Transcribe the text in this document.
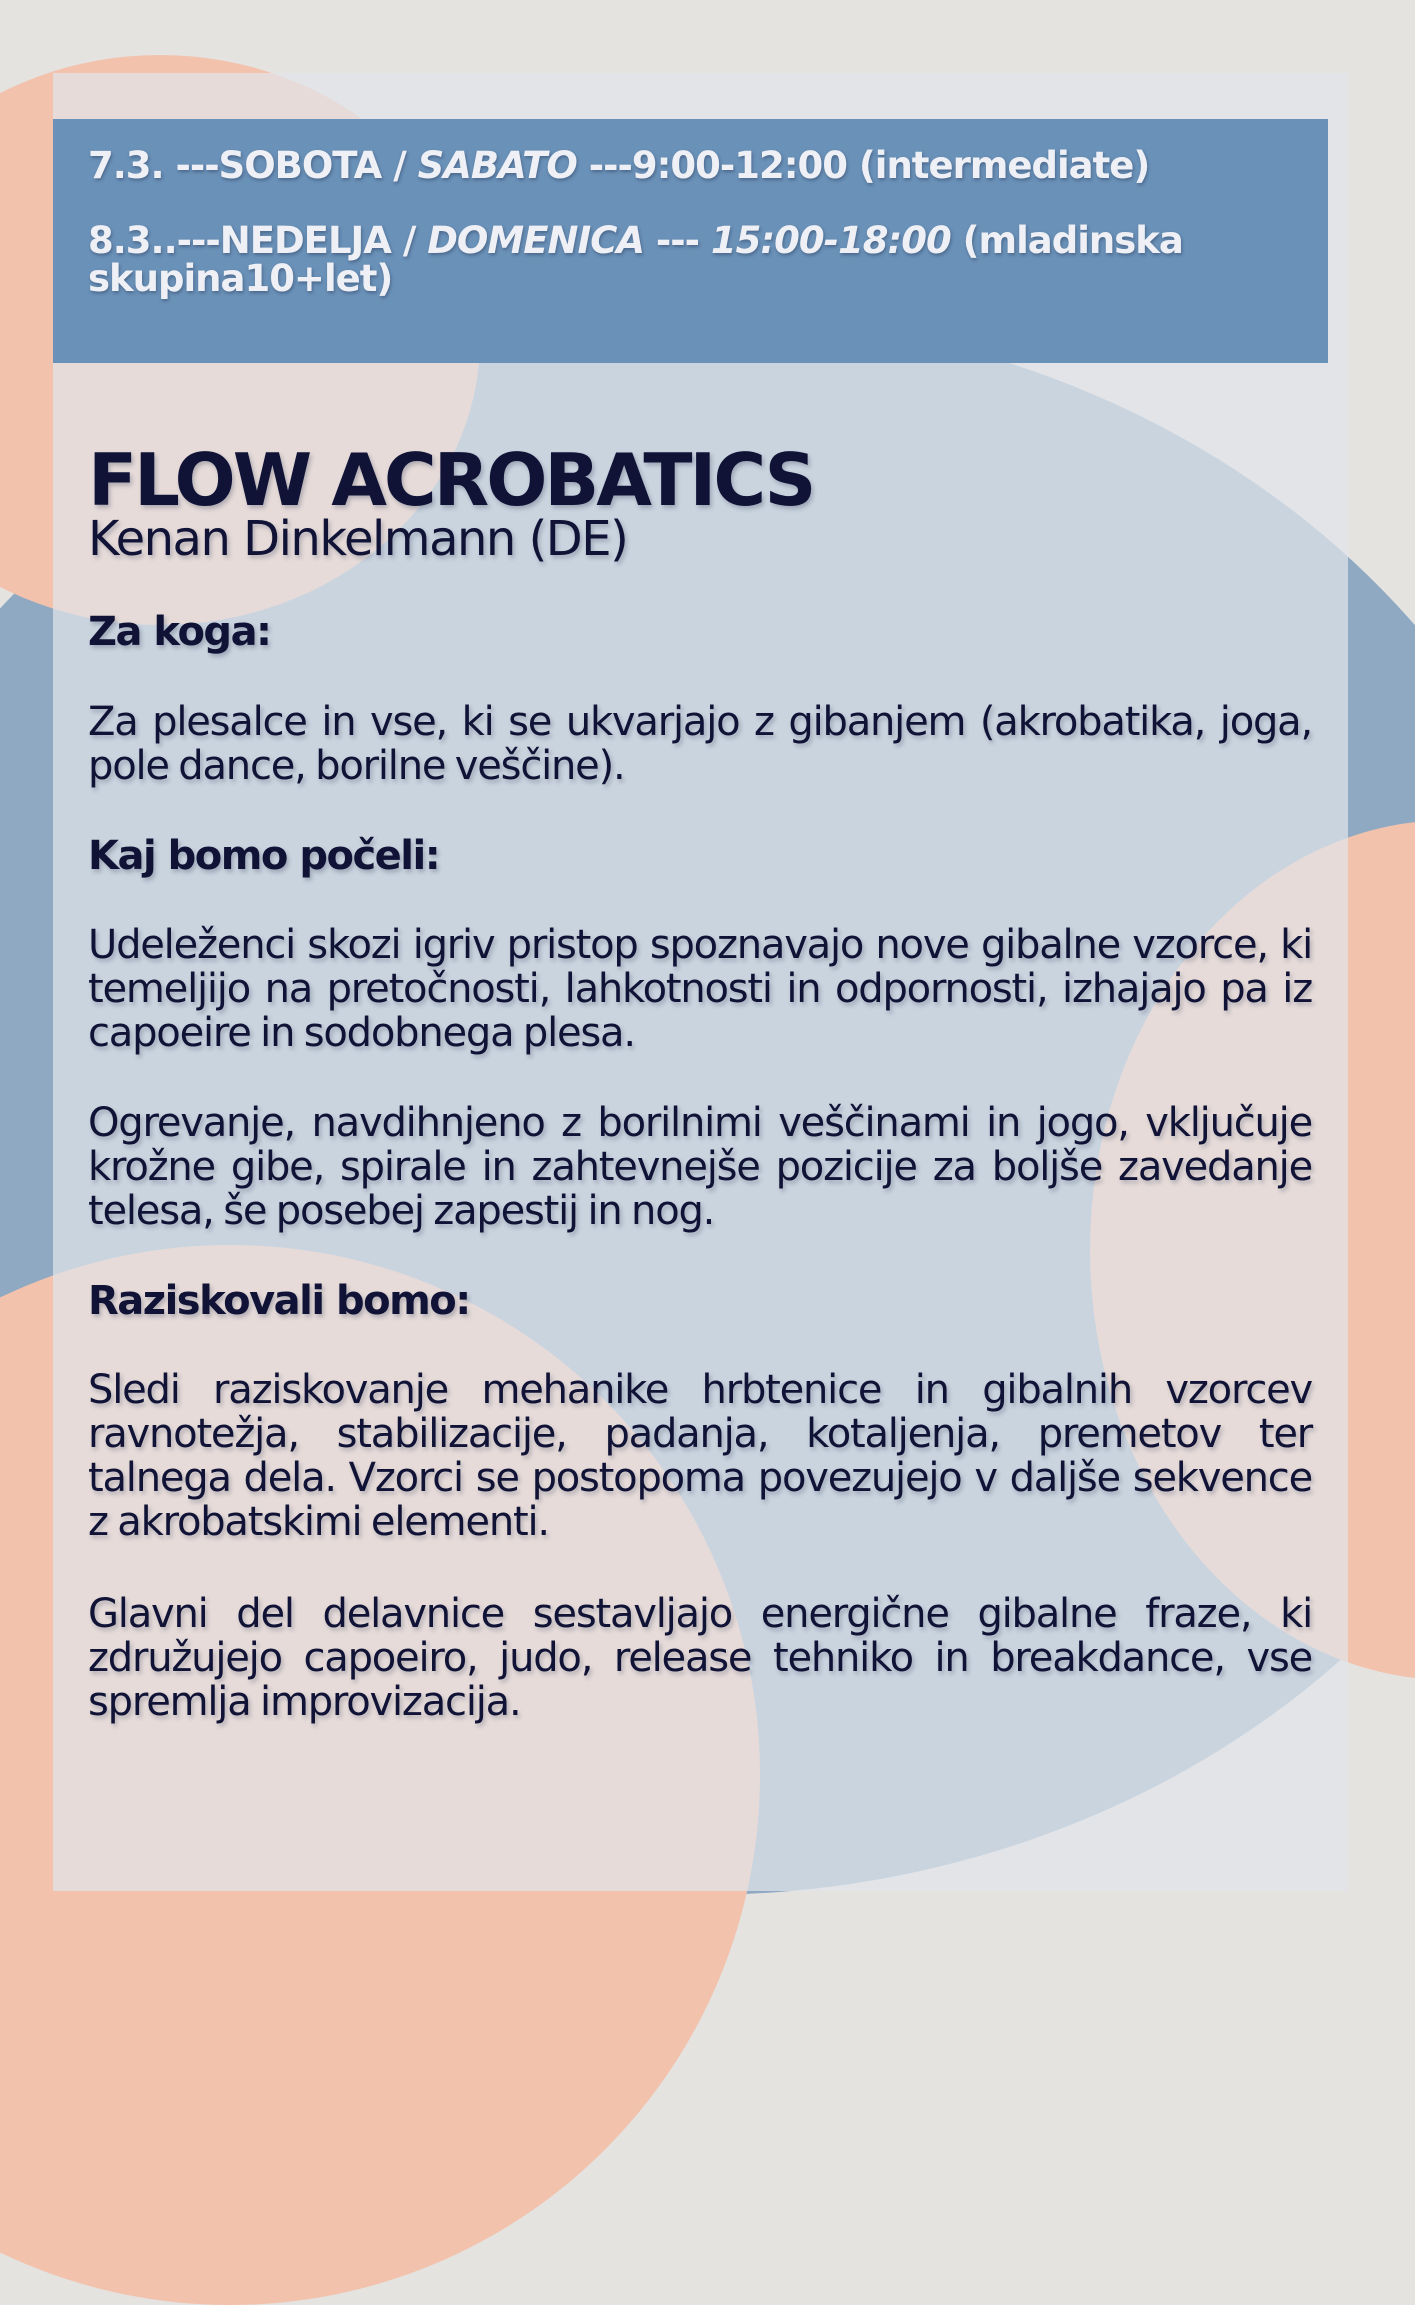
7.3. ---SOBOTA / SABATO ---9:00-12:00 (intermediate)
8.3..---NEDELJA / DOMENICA --- 15:00-18:00 (mladinska skupina10+let)
FLOW ACROBATICS
Kenan Dinkelmann (DE)
Za koga:
Za plesalce in vse, ki se ukvarjajo z gibanjem (akrobatika, joga, pole dance, borilne veščine).
Kaj bomo počeli:
Udeleženci skozi igriv pristop spoznavajo nove gibalne vzorce, ki temeljijo na pretočnosti, lahkotnosti in odpornosti, izhajajo pa iz capoeire in sodobnega plesa.
Ogrevanje, navdihnjeno z borilnimi veščinami in jogo, vključuje krožne gibe, spirale in zahtevnejše pozicije za boljše zavedanje telesa, še posebej zapestij in nog.
Raziskovali bomo:
Sledi raziskovanje mehanike hrbtenice in gibalnih vzorcev ravnotežja, stabilizacije, padanja, kotaljenja, premetov ter talnega dela. Vzorci se postopoma povezujejo v daljše sekvence z akrobatskimi elementi.
Glavni del delavnice sestavljajo energične gibalne fraze, ki združujejo capoeiro, judo, release tehniko in breakdance, vse spremlja improvizacija.
